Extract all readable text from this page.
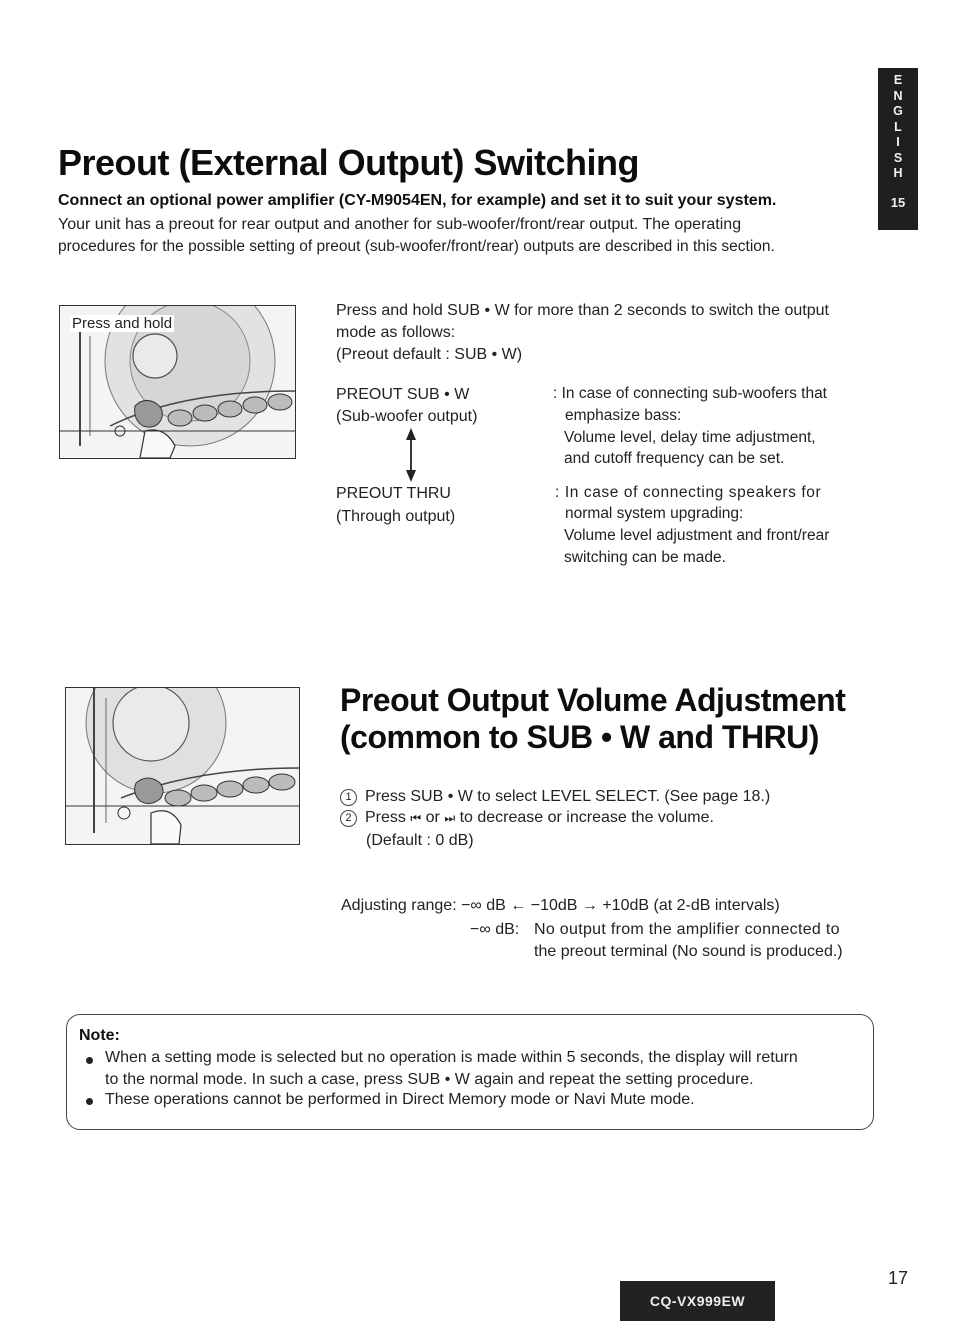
E
N
G
L
I
S
H
15
Preout (External Output) Switching
Connect an optional power amplifier (CY-M9054EN, for example) and set it to suit your system.
Your unit has a preout for rear output and another for sub-woofer/front/rear output. The operating
procedures for the possible setting of preout (sub-woofer/front/rear) outputs are described in this section.
Press and hold
Press and hold SUB • W for more than 2 seconds to switch the output
mode as follows:
(Preout default : SUB • W)
PREOUT SUB • W
(Sub-woofer output)
: In case of connecting sub-woofers that
emphasize bass:
Volume level, delay time adjustment,
and cutoff frequency can be set.
PREOUT THRU
(Through output)
: In case of connecting speakers for
normal system upgrading:
Volume level adjustment and front/rear
switching can be made.
Preout Output Volume Adjustment
(common to SUB • W and THRU)
1 Press SUB • W to select LEVEL SELECT. (See page 18.)
2 Press ⏮ or ⏭ to decrease or increase the volume.
(Default : 0 dB)
Adjusting range: −∞ dB ← −10dB → +10dB (at 2-dB intervals)
−∞ dB: No output from the amplifier connected to
the preout terminal (No sound is produced.)
Note:
When a setting mode is selected but no operation is made within 5 seconds, the display will return
to the normal mode. In such a case, press SUB • W again and repeat the setting procedure.
These operations cannot be performed in Direct Memory mode or Navi Mute mode.
CQ-VX999EW
17
